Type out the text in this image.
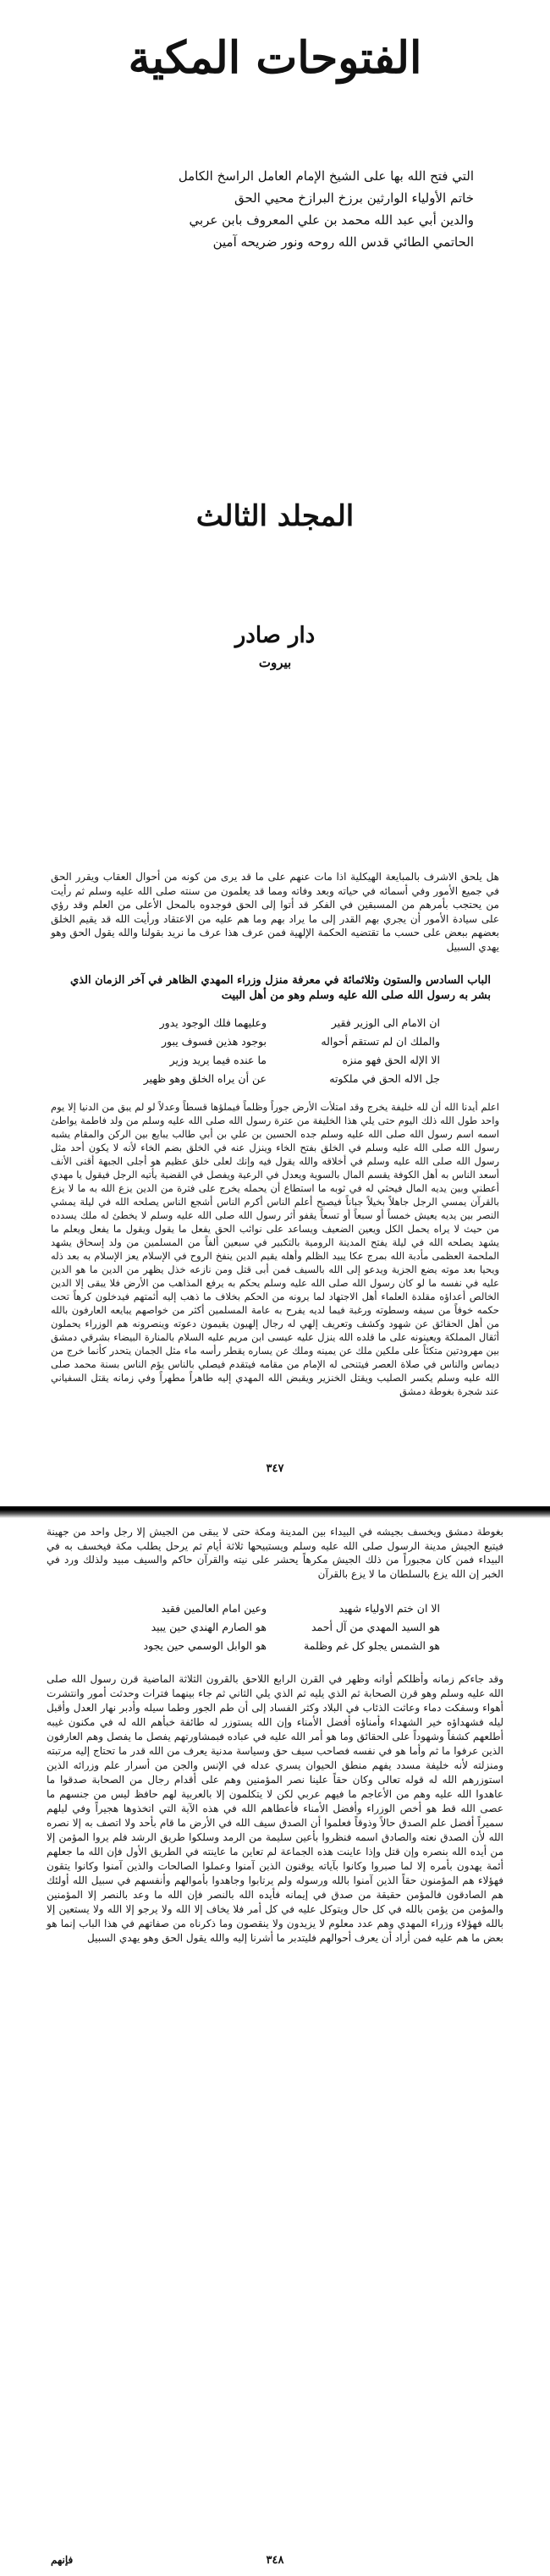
الفتوحات المكية
التي فتح الله بها على الشيخ الإمام العامل الراسخ الكامل
خاتم الأولياء الوارثين برزخ البرازخ محيي الحق
والدين أبي عبد الله محمد بن علي المعروف بابن عربي
الحاتمي الطائي قدس الله روحه ونور ضريحه آمين
المجلد الثالث
دار صادر
بيروت

هل يلحق الاشرف بالمبايعة الهيكلية اذا مات عنهم على ما قد يرى من كونه من أحوال العقاب ويقرر الحق في جميع الأمور وفي أسمائه في حياته وبعد وفاته ومما قد يعلمون من سنته صلى الله عليه وسلم ثم رأيت من يحتجب بأمرهم من المسبقين في الفكر قد أتوا إلى الحق فوجدوه بالمحل الأعلى من العلم وقد رؤي على سيادة الأمور أن يجري بهم القدر إلى ما يراد بهم وما هم عليه من الاعتقاد ورأيت الله قد يقيم الخلق بعضهم ببعض على حسب ما تقتضيه الحكمة الإلهية فمن عرف هذا عرف ما نريد بقولنا والله يقول الحق وهو يهدي السبيل

الباب السادس والستون وثلاثمائة في معرفة منزل وزراء المهدي الظاهر في آخر الزمان الذي بشر به رسول الله صلى الله عليه وسلم وهو من أهل البيت
ان الامام الى الوزير فقير
وعليهما فلك الوجود يدور
والملك ان لم تستقم أحواله
بوجود هذين فسوف يبور
الا الإله الحق فهو منزه
ما عنده فيما يريد وزير
جل الاله الحق في ملكوته
عن أن يراه الخلق وهو ظهير

اعلم أيدنا الله أن لله خليفة يخرج وقد امتلأت الأرض جوراً وظلماً فيملؤها قسطاً وعدلاً لو لم يبق من الدنيا إلا يوم واحد طول الله ذلك اليوم حتى يلي هذا الخليفة من عترة رسول الله صلى الله عليه وسلم من ولد فاطمة يواطئ اسمه اسم رسول الله صلى الله عليه وسلم جده الحسين بن علي بن أبي طالب يبايع بين الركن والمقام يشبه رسول الله صلى الله عليه وسلم في الخلق بفتح الخاء وينزل عنه في الخلق بضم الخاء لأنه لا يكون أحد مثل رسول الله صلى الله عليه وسلم في أخلاقه والله يقول فيه وإنك لعلى خلق عظيم هو أجلى الجبهة أقنى الأنف أسعد الناس به أهل الكوفة يقسم المال بالسوية ويعدل في الرعية ويفصل في القضية يأتيه الرجل فيقول يا مهدي أعطني وبين يديه المال فيحثي له في ثوبه ما استطاع أن يحمله يخرج على فترة من الدين يزع الله به ما لا يزع بالقرآن يمسي الرجل جاهلاً بخيلاً جباناً فيصبح أعلم الناس أكرم الناس أشجع الناس يصلحه الله في ليلة يمشي النصر بين يديه يعيش خمساً أو سبعاً أو تسعاً يقفو أثر رسول الله صلى الله عليه وسلم لا يخطئ له ملك يسدده من حيث لا يراه يحمل الكل ويعين الضعيف ويساعد على نوائب الحق يفعل ما يقول ويقول ما يفعل ويعلم ما يشهد يصلحه الله في ليلة يفتح المدينة الرومية بالتكبير في سبعين ألفاً من المسلمين من ولد إسحاق يشهد الملحمة العظمى مأدبة الله بمرج عكا يبيد الظلم وأهله يقيم الدين ينفخ الروح في الإسلام يعز الإسلام به بعد ذله ويحيا بعد موته يضع الجزية ويدعو إلى الله بالسيف فمن أبى قتل ومن نازعه خذل يظهر من الدين ما هو الدين عليه في نفسه ما لو كان رسول الله صلى الله عليه وسلم يحكم به يرفع المذاهب من الأرض فلا يبقى إلا الدين الخالص أعداؤه مقلدة العلماء أهل الاجتهاد لما يرونه من الحكم بخلاف ما ذهب إليه أئمتهم فيدخلون كرهاً تحت حكمه خوفاً من سيفه وسطوته ورغبة فيما لديه يفرح به عامة المسلمين أكثر من خواصهم يبايعه العارفون بالله من أهل الحقائق عن شهود وكشف وتعريف إلهي له رجال إلهيون يقيمون دعوته وينصرونه هم الوزراء يحملون أثقال المملكة ويعينونه على ما قلده الله ينزل عليه عيسى ابن مريم عليه السلام بالمنارة البيضاء بشرقي دمشق بين مهرودتين متكئاً على ملكين ملك عن يمينه وملك عن يساره يقطر رأسه ماء مثل الجمان يتحدر كأنما خرج من ديماس والناس في صلاة العصر فيتنحى له الإمام من مقامه فيتقدم فيصلي بالناس يؤم الناس بسنة محمد صلى الله عليه وسلم يكسر الصليب ويقتل الخنزير ويقبض الله المهدي إليه طاهراً مطهراً وفي زمانه يقتل السفياني عند شجرة بغوطة دمشق

٣٤٧

بغوطة دمشق ويخسف بجيشه في البيداء بين المدينة ومكة حتى لا يبقى من الجيش إلا رجل واحد من جهينة فيتبع الجيش مدينة الرسول صلى الله عليه وسلم ويستبيحها ثلاثة أيام ثم يرحل يطلب مكة فيخسف به في البيداء فمن كان مجبوراً من ذلك الجيش مكرهاً يحشر على نيته والقرآن حاكم والسيف مبيد ولذلك ورد في الخبر إن الله يزع بالسلطان ما لا يزع بالقرآن

الا ان ختم الاولياء شهيد
وعين امام العالمين فقيد
هو السيد المهدي من آل أحمد
هو الصارم الهندي حين يبيد
هو الشمس يجلو كل غم وظلمة
هو الوابل الوسمي حين يجود

وقد جاءكم زمانه وأظلكم أوانه وظهر في القرن الرابع اللاحق بالقرون الثلاثة الماضية قرن رسول الله صلى الله عليه وسلم وهو قرن الصحابة ثم الذي يليه ثم الذي يلي الثاني ثم جاء بينهما فترات وحدثت أمور وانتشرت أهواء وسفكت دماء وعاثت الذئاب في البلاد وكثر الفساد إلى أن طم الجور وطما سيله وأدبر نهار العدل وأقبل ليله فشهداؤه خير الشهداء وأمناؤه أفضل الأمناء وإن الله يستوزر له طائفة خبأهم الله له في مكنون غيبه أطلعهم كشفاً وشهوداً على الحقائق وما هو أمر الله عليه في عباده فبمشاورتهم يفصل ما يفصل وهم العارفون الذين عرفوا ما ثم وأما هو في نفسه فصاحب سيف حق وسياسة مدنية يعرف من الله قدر ما تحتاج إليه مرتبته ومنزلته لأنه خليفة مسدد يفهم منطق الحيوان يسري عدله في الإنس والجن من أسرار علم وزرائه الذين استوزرهم الله له قوله تعالى وكان حقاً علينا نصر المؤمنين وهم على أقدام رجال من الصحابة صدقوا ما عاهدوا الله عليه وهم من الأعاجم ما فيهم عربي لكن لا يتكلمون إلا بالعربية لهم حافظ ليس من جنسهم ما عصى الله قط هو أخص الوزراء وأفضل الأمناء فأعطاهم الله في هذه الآية التي اتخذوها هجيراً وفي ليلهم سميراً أفضل علم الصدق حالاً وذوقاً فعلموا أن الصدق سيف الله في الأرض ما قام بأحد ولا اتصف به إلا نصره الله لأن الصدق نعته والصادق اسمه فنظروا بأعين سليمة من الرمد وسلكوا طريق الرشد فلم يروا المؤمن إلا من أيده الله بنصره وإن قتل وإذا عاينت هذه الجماعة لم تعاين ما عاينته في الطريق الأول فإن الله ما جعلهم أئمة يهدون بأمره إلا لما صبروا وكانوا بآياته يوقنون الذين آمنوا وعملوا الصالحات والذين آمنوا وكانوا يتقون فهؤلاء هم المؤمنون حقاً الذين آمنوا بالله ورسوله ولم يرتابوا وجاهدوا بأموالهم وأنفسهم في سبيل الله أولئك هم الصادقون فالمؤمن حقيقة من صدق في إيمانه فأيده الله بالنصر فإن الله ما وعد بالنصر إلا المؤمنين والمؤمن من يؤمن بالله في كل حال ويتوكل عليه في كل أمر فلا يخاف إلا الله ولا يرجو إلا الله ولا يستعين إلا بالله فهؤلاء وزراء المهدي وهم عدد معلوم لا يزيدون ولا ينقصون وما ذكرناه من صفاتهم في هذا الباب إنما هو بعض ما هم عليه فمن أراد أن يعرف أحوالهم فليتدبر ما أشرنا إليه والله يقول الحق وهو يهدي السبيل

٣٤٨
فإنهم
